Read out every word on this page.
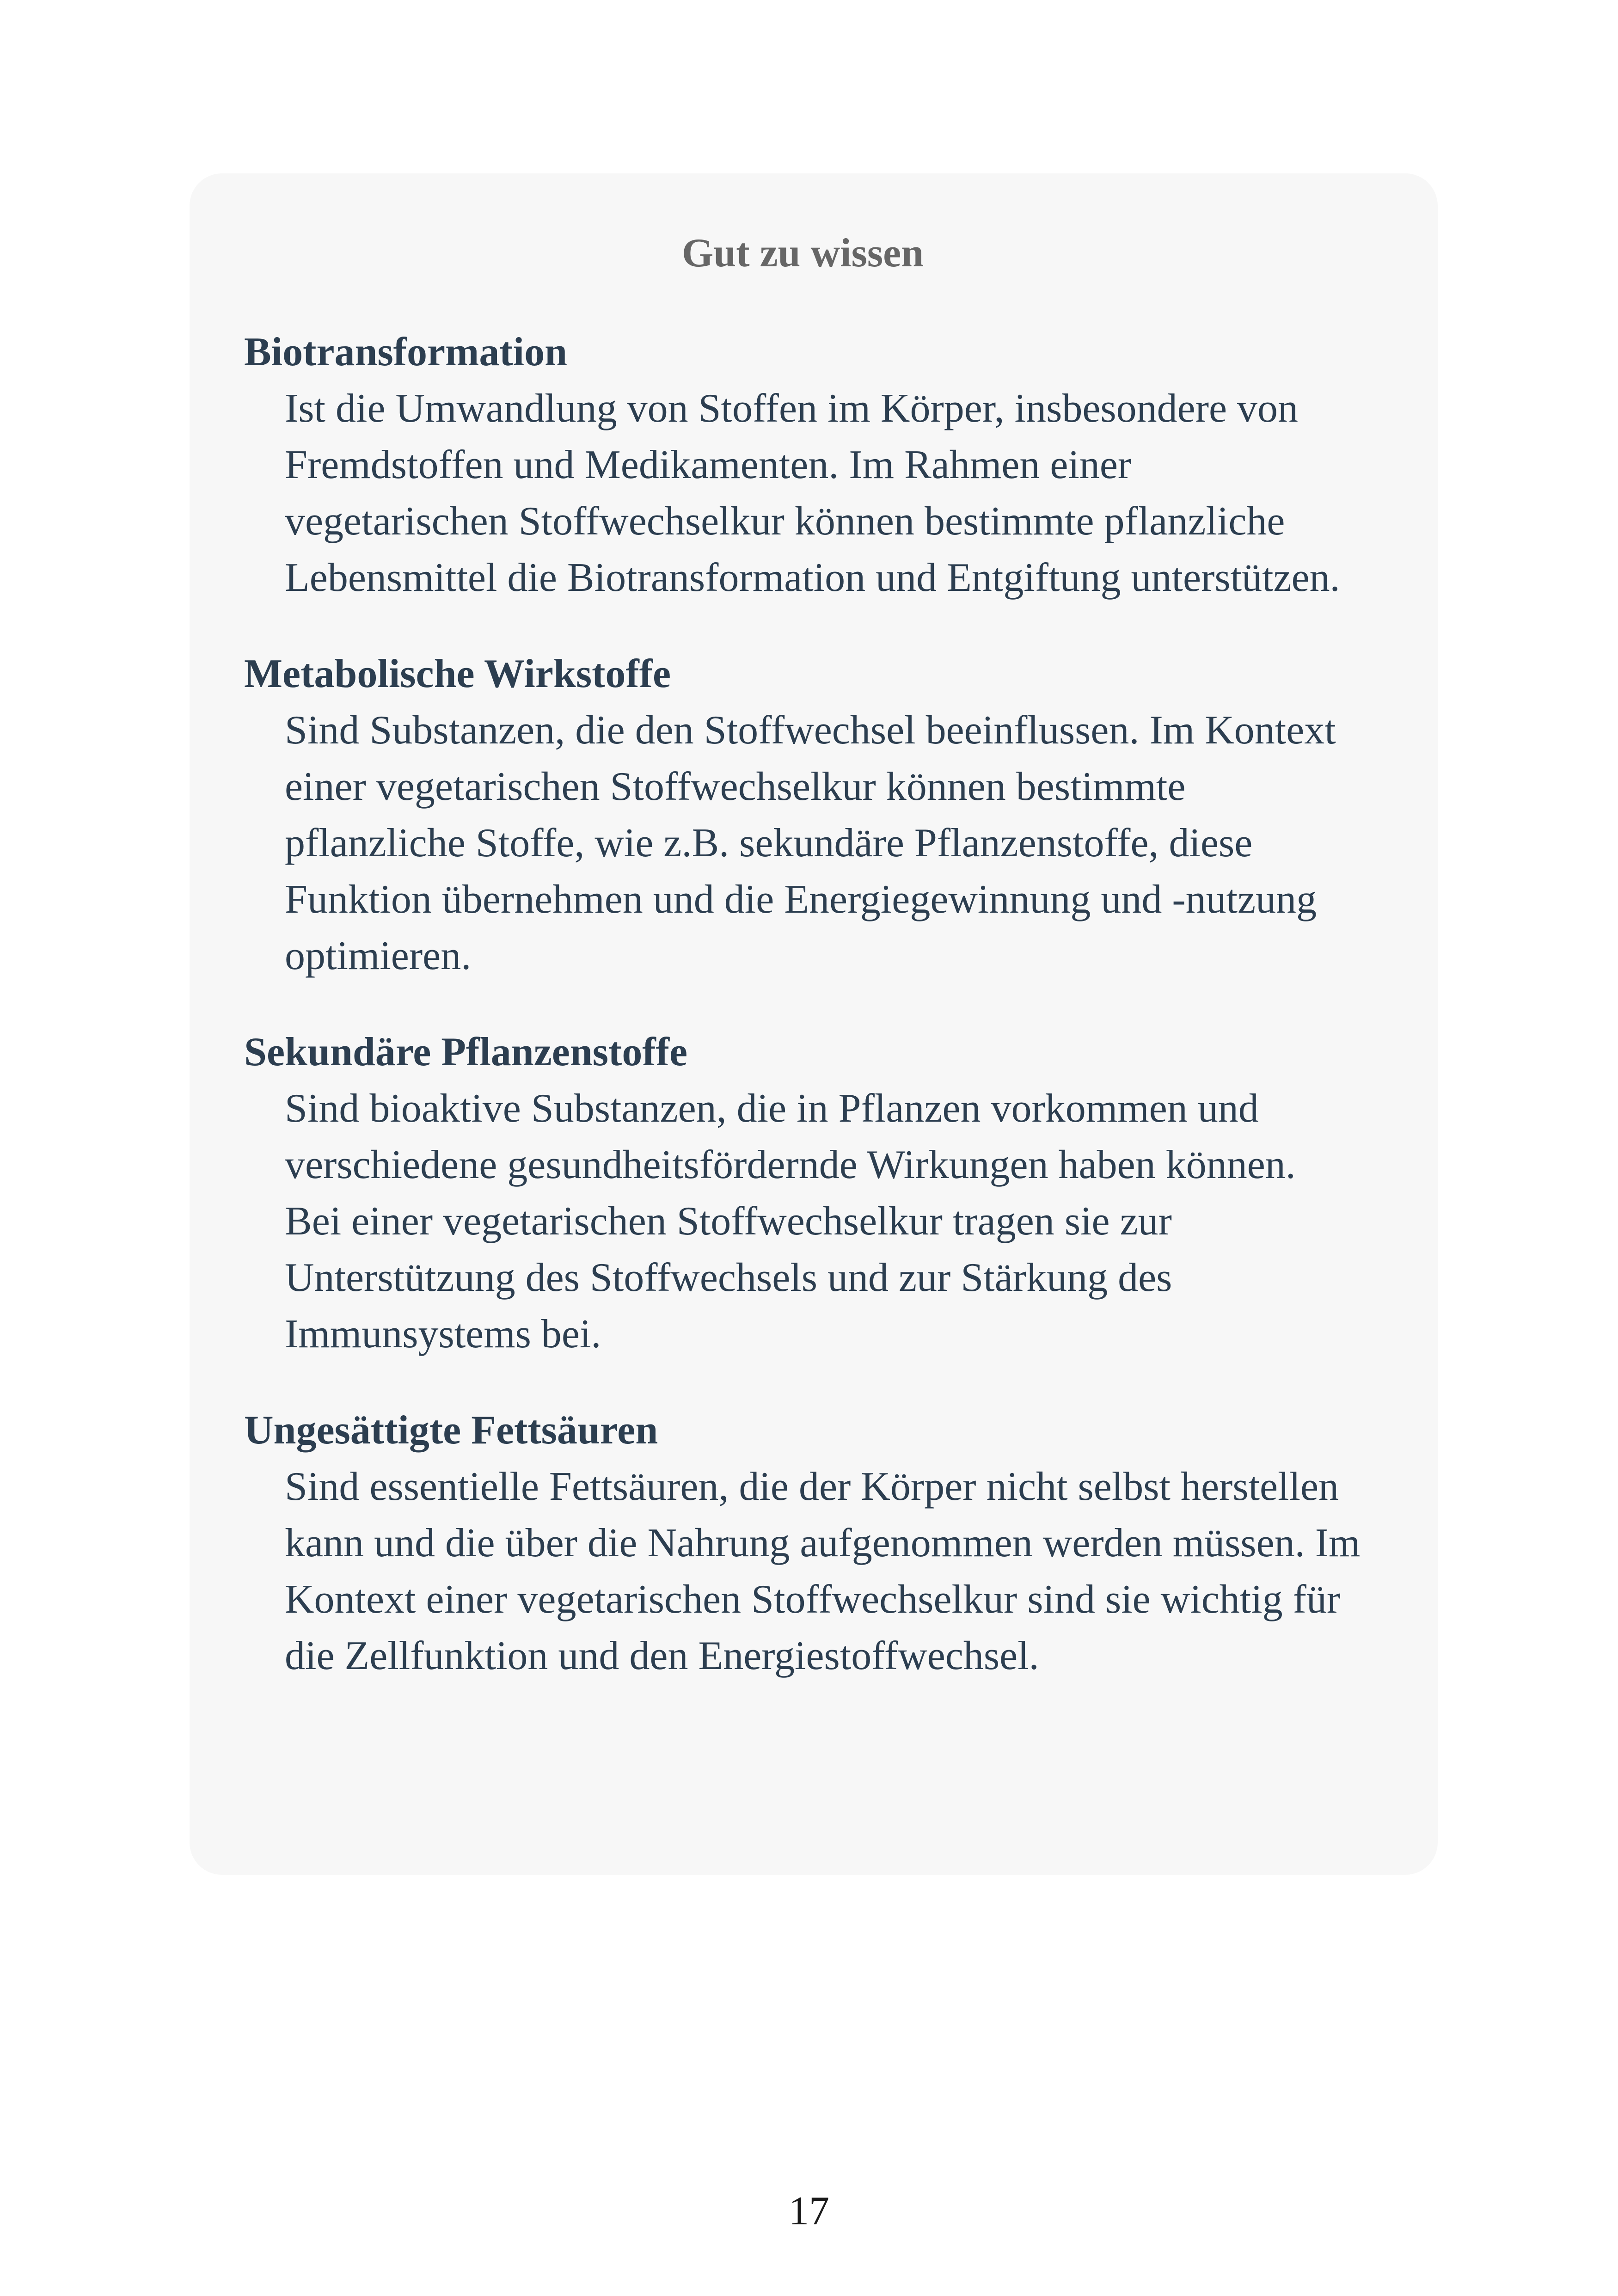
Gut zu wissen

Biotransformation

Ist die Umwandlung von Stoffen im Körper, insbesondere von Fremdstoffen und Medikamenten. Im Rahmen einer vegetarischen Stoffwechselkur können bestimmte pflanzliche Lebensmittel die Biotransformation und Entgiftung unterstützen.

Metabolische Wirkstoffe

Sind Substanzen, die den Stoffwechsel beeinflussen. Im Kontext einer vegetarischen Stoffwechselkur können bestimmte pflanzliche Stoffe, wie z.B. sekundäre Pflanzenstoffe, diese Funktion übernehmen und die Energiegewinnung und -nutzung optimieren.

Sekundäre Pflanzenstoffe

Sind bioaktive Substanzen, die in Pflanzen vorkommen und verschiedene gesundheitsfördernde Wirkungen haben können. Bei einer vegetarischen Stoffwechselkur tragen sie zur Unterstützung des Stoffwechsels und zur Stärkung des Immunsystems bei.

Ungesättigte Fettsäuren

Sind essentielle Fettsäuren, die der Körper nicht selbst herstellen kann und die über die Nahrung aufgenommen werden müssen. Im Kontext einer vegetarischen Stoffwechselkur sind sie wichtig für die Zellfunktion und den Energiestoffwechsel.

17
